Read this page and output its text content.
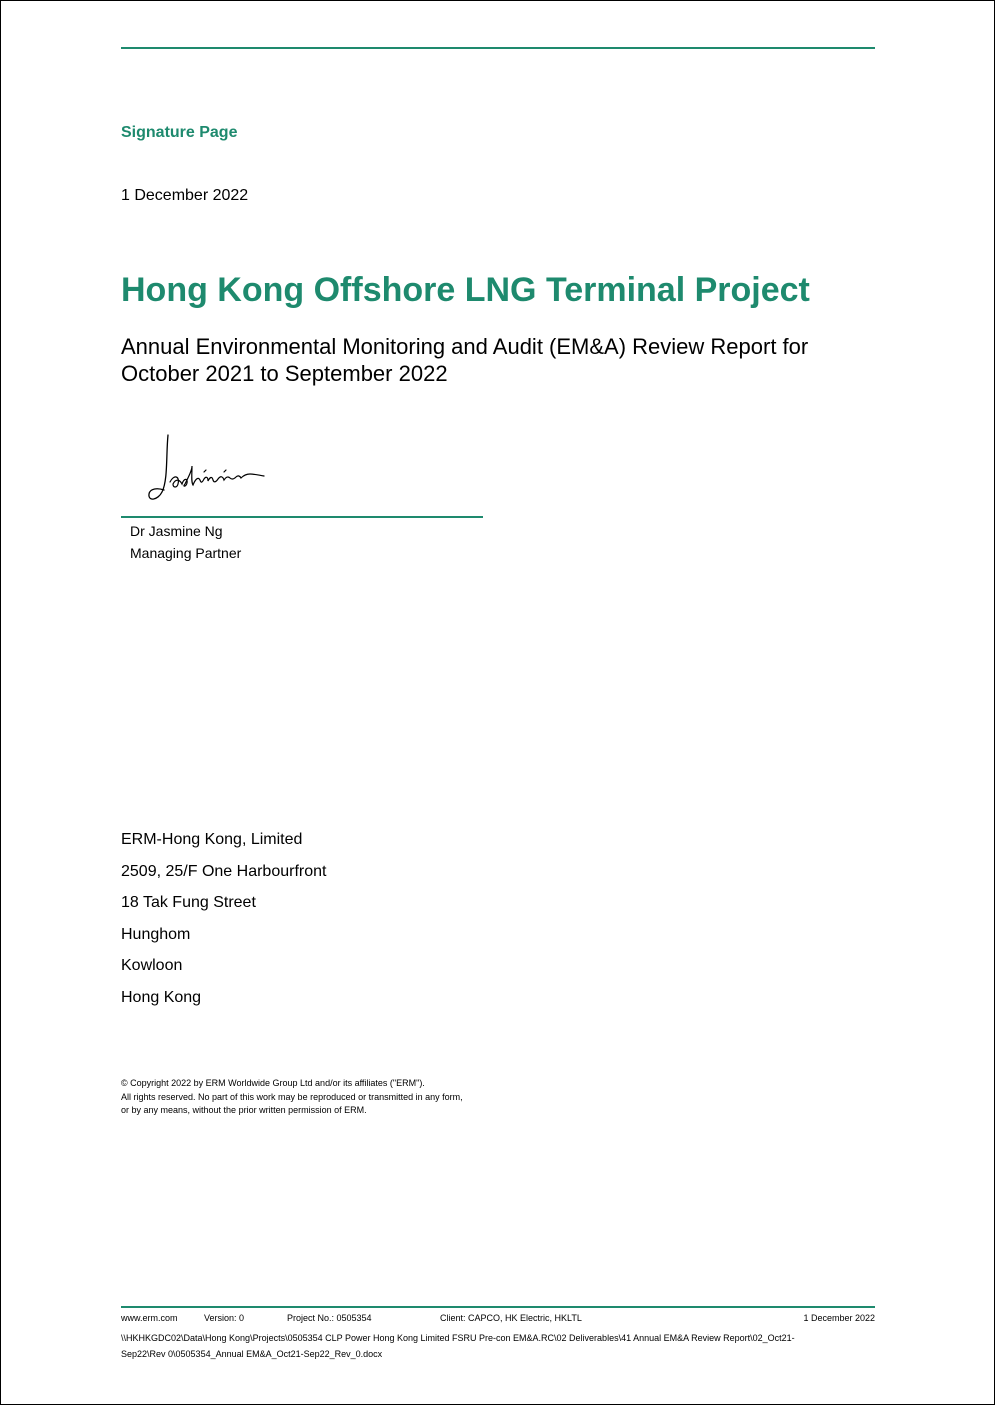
Signature Page
1 December 2022
Hong Kong Offshore LNG Terminal Project
Annual Environmental Monitoring and Audit (EM&A) Review Report for
October 2021 to September 2022
Dr Jasmine Ng
Managing Partner
ERM-Hong Kong, Limited
2509, 25/F One Harbourfront
18 Tak Fung Street
Hunghom
Kowloon
Hong Kong
© Copyright 2022 by ERM Worldwide Group Ltd and/or its affiliates ("ERM").
All rights reserved. No part of this work may be reproduced or transmitted in any form,
or by any means, without the prior written permission of ERM.
www.erm.com	Version: 0	Project No.: 0505354	Client: CAPCO, HK Electric, HKLTL	1 December 2022
\\HKHKGDC02\Data\Hong Kong\Projects\0505354 CLP Power Hong Kong Limited FSRU Pre-con EM&A.RC\02 Deliverables\41 Annual EM&A Review Report\02_Oct21-
Sep22\Rev 0\0505354_Annual EM&A_Oct21-Sep22_Rev_0.docx
